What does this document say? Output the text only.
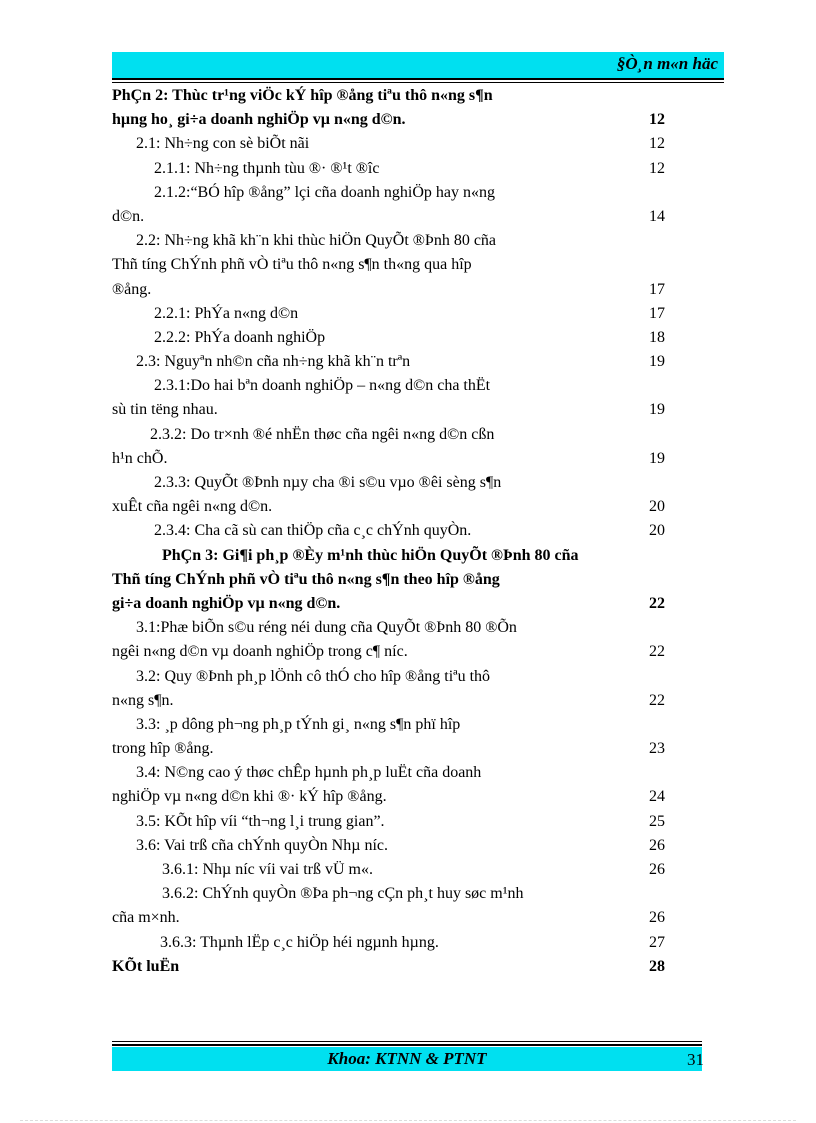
§Ò¸n m«n häc
PhÇn 2: Thùc tr¹ng viÖc kÝ hîp ®ång tiªu thô n«ng s¶n
hµng ho¸ gi÷a doanh nghiÖp vµ n«ng d©n.	12
2.1: Nh÷ng con sè biÕt nãi	12
2.1.1: Nh÷ng thµnh tùu ®· ®¹t ®îc	12
2.1.2:“BÓ hîp ®ång” lçi cña doanh nghiÖp hay n«ng
d©n.	14
2.2: Nh÷ng khã kh¨n khi thùc hiÖn QuyÕt ®Þnh 80 cña
Thñ tíng ChÝnh phñ vÒ tiªu thô n«ng s¶n th«ng qua hîp
®ång.	17
2.2.1: PhÝa n«ng d©n	17
2.2.2: PhÝa doanh nghiÖp	18
2.3: Nguyªn nh©n cña nh÷ng khã kh¨n trªn	19
2.3.1:Do hai bªn doanh nghiÖp – n«ng d©n cha thËt
sù tin tëng nhau.	19
2.3.2: Do tr×nh ®é nhËn thøc cña ngêi n«ng d©n cßn
h¹n chÕ.	19
2.3.3: QuyÕt ®Þnh nµy cha ®i s©u vµo ®êi sèng s¶n
xuÊt cña ngêi n«ng d©n.	20
2.3.4: Cha cã sù can thiÖp cña c¸c chÝnh quyÒn.	20
PhÇn 3: Gi¶i ph¸p ®Èy m¹nh thùc hiÖn QuyÕt ®Þnh 80 cña
Thñ tíng ChÝnh phñ vÒ tiªu thô n«ng s¶n theo hîp ®ång
gi÷a doanh nghiÖp vµ n«ng d©n.	22
3.1:Phæ biÕn s©u réng néi dung cña QuyÕt ®Þnh 80 ®Õn
ngêi n«ng d©n vµ doanh nghiÖp trong c¶ níc.	22
3.2: Quy ®Þnh ph¸p lÖnh cô thÓ cho hîp ®ång tiªu thô
n«ng s¶n.	22
3.3: ¸p dông ph¬ng ph¸p tÝnh gi¸ n«ng s¶n phï hîp
trong hîp ®ång.	23
3.4: N©ng cao ý thøc chÊp hµnh ph¸p luËt cña doanh
nghiÖp vµ n«ng d©n khi ®· kÝ hîp ®ång.	24
3.5: KÕt hîp víi “th¬ng l¸i trung gian”.	25
3.6: Vai trß cña chÝnh quyÒn Nhµ níc.	26
3.6.1: Nhµ níc víi vai trß vÜ m«.	26
3.6.2: ChÝnh quyÒn ®Þa ph¬ng cÇn ph¸t huy søc m¹nh
cña m×nh.	26
3.6.3: Thµnh lËp c¸c hiÖp héi ngµnh hµng.	27
KÕt luËn	28
Khoa: KTNN & PTNT	31
